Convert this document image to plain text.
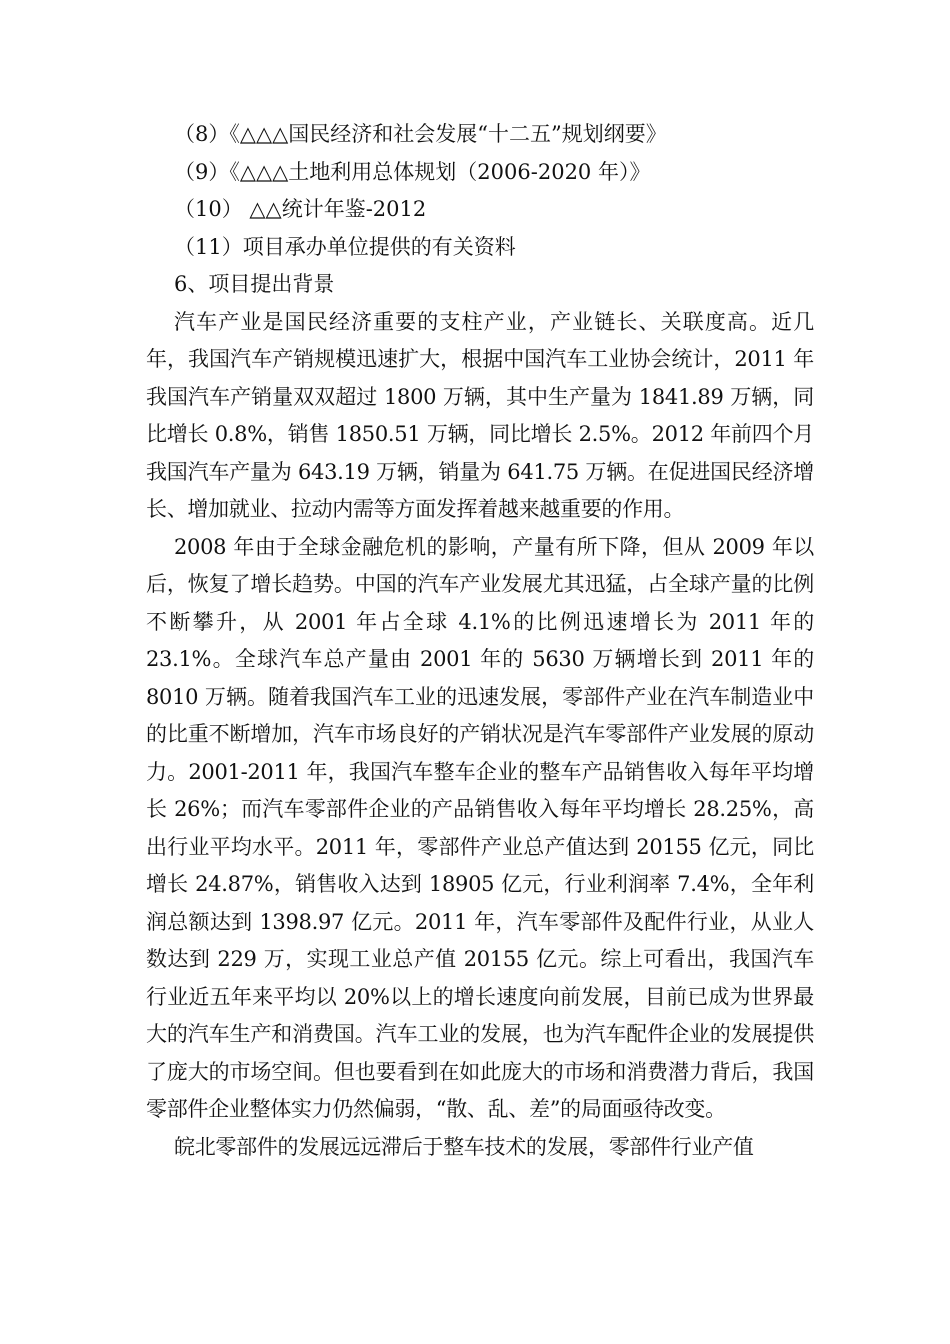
（8）《△△△国民经济和社会发展“十二五”规划纲要》

（9）《△△△土地利用总体规划（2006-2020 年）》

（10） △△统计年鉴-2012

（11）项目承办单位提供的有关资料

6、项目提出背景

汽车产业是国民经济重要的支柱产业，产业链长、关联度高。近几年，我国汽车产销规模迅速扩大，根据中国汽车工业协会统计，2011 年我国汽车产销量双双超过 1800 万辆，其中生产量为 1841.89 万辆，同比增长 0.8%，销售 1850.51 万辆，同比增长 2.5%。2012 年前四个月我国汽车产量为 643.19 万辆，销量为 641.75 万辆。在促进国民经济增长、增加就业、拉动内需等方面发挥着越来越重要的作用。

2008 年由于全球金融危机的影响，产量有所下降，但从 2009 年以后，恢复了增长趋势。中国的汽车产业发展尤其迅猛，占全球产量的比例不断攀升，从 2001 年占全球 4.1%的比例迅速增长为 2011 年的 23.1%。全球汽车总产量由 2001 年的 5630 万辆增长到 2011 年的 8010 万辆。随着我国汽车工业的迅速发展，零部件产业在汽车制造业中的比重不断增加，汽车市场良好的产销状况是汽车零部件产业发展的原动力。2001-2011 年，我国汽车整车企业的整车产品销售收入每年平均增长 26%；而汽车零部件企业的产品销售收入每年平均增长 28.25%，高出行业平均水平。2011 年，零部件产业总产值达到 20155 亿元，同比增长 24.87%，销售收入达到 18905 亿元，行业利润率 7.4%，全年利润总额达到 1398.97 亿元。2011 年，汽车零部件及配件行业，从业人数达到 229 万，实现工业总产值 20155 亿元。综上可看出，我国汽车行业近五年来平均以 20%以上的增长速度向前发展，目前已成为世界最大的汽车生产和消费国。汽车工业的发展，也为汽车配件企业的发展提供了庞大的市场空间。但也要看到在如此庞大的市场和消费潜力背后，我国零部件企业整体实力仍然偏弱，“散、乱、差”的局面亟待改变。

皖北零部件的发展远远滞后于整车技术的发展，零部件行业产值
